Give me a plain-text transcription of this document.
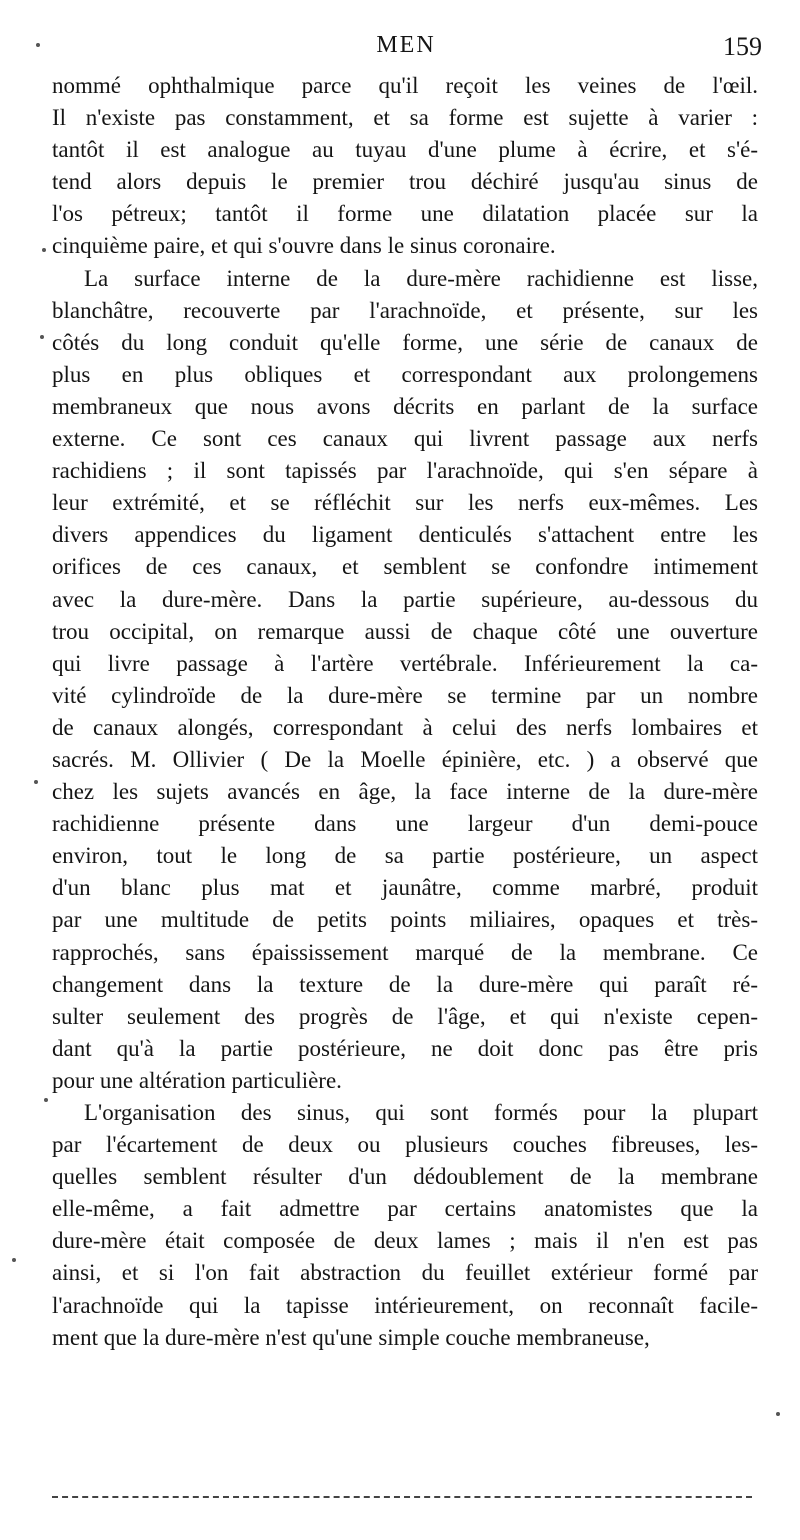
MEN	159
nommé ophthalmique parce qu'il reçoit les veines de l'œil.
Il n'existe pas constamment, et sa forme est sujette à varier :
tantôt il est analogue au tuyau d'une plume à écrire, et s'é-
tend alors depuis le premier trou déchiré jusqu'au sinus de
l'os pétreux; tantôt il forme une dilatation placée sur la
cinquième paire, et qui s'ouvre dans le sinus coronaire.
La surface interne de la dure-mère rachidienne est lisse,
blanchâtre, recouverte par l'arachnoïde, et présente, sur les
côtés du long conduit qu'elle forme, une série de canaux de
plus en plus obliques et correspondant aux prolongemens
membraneux que nous avons décrits en parlant de la surface
externe. Ce sont ces canaux qui livrent passage aux nerfs
rachidiens ; il sont tapissés par l'arachnoïde, qui s'en sépare à
leur extrémité, et se réfléchit sur les nerfs eux-mêmes. Les
divers appendices du ligament denticulés s'attachent entre les
orifices de ces canaux, et semblent se confondre intimement
avec la dure-mère. Dans la partie supérieure, au-dessous du
trou occipital, on remarque aussi de chaque côté une ouverture
qui livre passage à l'artère vertébrale. Inférieurement la ca-
vité cylindroïde de la dure-mère se termine par un nombre
de canaux alongés, correspondant à celui des nerfs lombaires et
sacrés. M. Ollivier ( De la Moelle épinière, etc. ) a observé que
chez les sujets avancés en âge, la face interne de la dure-mère
rachidienne présente dans une largeur d'un demi-pouce
environ, tout le long de sa partie postérieure, un aspect
d'un blanc plus mat et jaunâtre, comme marbré, produit
par une multitude de petits points miliaires, opaques et très-
rapprochés, sans épaississement marqué de la membrane. Ce
changement dans la texture de la dure-mère qui paraît ré-
sulter seulement des progrès de l'âge, et qui n'existe cepen-
dant qu'à la partie postérieure, ne doit donc pas être pris
pour une altération particulière.
L'organisation des sinus, qui sont formés pour la plupart
par l'écartement de deux ou plusieurs couches fibreuses, les-
quelles semblent résulter d'un dédoublement de la membrane
elle-même, a fait admettre par certains anatomistes que la
dure-mère était composée de deux lames ; mais il n'en est pas
ainsi, et si l'on fait abstraction du feuillet extérieur formé par
l'arachnoïde qui la tapisse intérieurement, on reconnaît facile-
ment que la dure-mère n'est qu'une simple couche membraneuse,
